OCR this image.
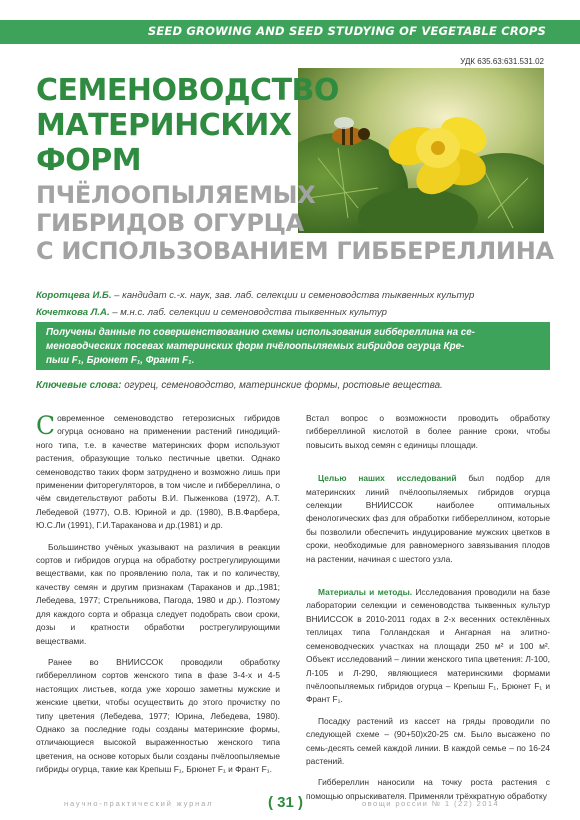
SEED GROWING AND SEED STUDYING OF VEGETABLE CROPS
УДК 635.63:631.531.02
СЕМЕНОВОДСТВО
МАТЕРИНСКИХ
ФОРМ
ПЧЁЛООПЫЛЯЕМЫХ
ГИБРИДОВ ОГУРЦА
С ИСПОЛЬЗОВАНИЕМ ГИББЕРЕЛЛИНА
Коротцева И.Б. – кандидат с.-х. наук, зав. лаб. селекции и семеноводства тыквенных культур
Кочеткова Л.А. – м.н.с. лаб. селекции и семеноводства тыквенных культур
Получены данные по совершенствованию схемы использования гиббереллина на се-
меноводческих посевах материнских форм пчёлоопыляемых гибридов огурца Кре-
пыш F₁, Брюнет F₁, Франт F₁.
Ключевые слова: огурец, семеноводство, материнские формы, ростовые вещества.

Современное семеноводство гетерозисных гибридов огурца основано на применении растений гинодицийного типа, т.е. в качестве материнских форм используют растения, образующие только пестичные цветки. Однако семеноводство таких форм затруднено и возможно лишь при применении фиторегуляторов, в том числе и гиббереллина, о чём свидетельствуют работы В.И. Пыженкова (1972), А.Т. Лебедевой (1977), О.В. Юриной и др. (1980), В.В.Фарбера, Ю.С.Ли (1991), Г.И.Тараканова и др.(1981) и др.

Большинство учёных указывают на различия в реакции сортов и гибридов огурца на обработку рострегулирующими веществами, как по проявлению пола, так и по количеству, качеству семян и другим признакам (Тараканов и др.,1981; Лебедева, 1977; Стрельникова, Пагода, 1980 и др.). Поэтому для каждого сорта и образца следует подобрать свои сроки, дозы и кратности обработки рострегулирующими веществами.

Ранее во ВНИИССОК проводили обработку гиббереллином сортов женского типа в фазе 3-4-х и 4-5 настоящих листьев, когда уже хорошо заметны мужские и женские цветки, чтобы осуществить до этого прочистку по типу цветения (Лебедева, 1977; Юрина, Лебедева, 1980). Однако за последние годы созданы материнские формы, отличающиеся высокой выраженностью женского типа цветения, на основе которых были созданы пчёлоопыляемые гибриды огурца, такие как Крепыш F₁, Брюнет F₁ и Франт F₁.

Встал вопрос о возможности проводить обработку гиббереллиной кислотой в более ранние сроки, чтобы повысить выход семян с единицы площади.

Целью наших исследований был подбор для материнских линий пчёлоопыляемых гибридов огурца селекции ВНИИССОК наиболее оптимальных фенологических фаз для обработки гиббереллином, которые бы позволили обеспечить индуцирование мужских цветков в сроки, необходимые для равномерного завязывания плодов на растении, начиная с шестого узла.

Материалы и методы. Исследования проводили на базе лаборатории селекции и семеноводства тыквенных культур ВНИИССОК в 2010-2011 годах в 2-х весенних остеклённых теплицах типа Голландская и Ангарная на элитно-семеноводческих участках на площади 250 м² и 100 м². Объект исследований – линии женского типа цветения: Л-100, Л-105 и Л-290, являющиеся материнскими формами пчёлоопыляемых гибридов огурца – Крепыш F₁, Брюнет F₁ и Франт F₁.

Посадку растений из кассет на гряды проводили по следующей схеме – (90+50)х20-25 см. Было высажено по семь-десять семей каждой линии. В каждой семье – по 16-24 растений.

Гиббереллин наносили на точку роста растения с помощью опрыскивателя. Применяли трёхкратную обработку

научно-практический журнал	( 31 )	овощи россии № 1 (22) 2014
